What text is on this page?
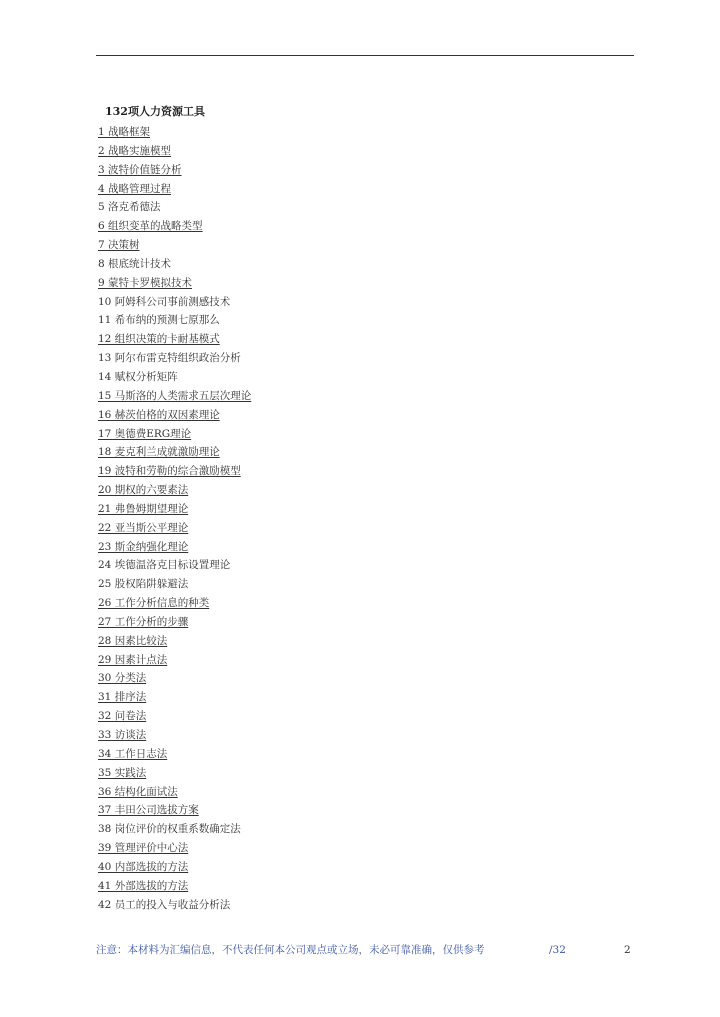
132项人力资源工具
1 战略框架
2 战略实施模型
3 波特价值链分析
4 战略管理过程
5 洛克希德法
6 组织变革的战略类型
7 决策树
8 根底统计技术
9 蒙特卡罗模拟技术
10 阿姆科公司事前测感技术
11 希布纳的预测七原那么
12 组织决策的卡耐基模式
13 阿尔布雷克特组织政治分析
14 赋权分析矩阵
15 马斯洛的人类需求五层次理论
16 赫茨伯格的双因素理论
17 奥德费ERG理论
18 麦克利兰成就激励理论
19 波特和劳勒的综合激励模型
20 期权的六要素法
21 弗鲁姆期望理论
22 亚当斯公平理论
23 斯金纳强化理论
24 埃德温洛克目标设置理论
25 股权陷阱躲避法
26 工作分析信息的种类
27 工作分析的步骤
28 因素比较法
29 因素计点法
30 分类法
31 排序法
32 问卷法
33 访谈法
34 工作日志法
35 实践法
36 结构化面试法
37 丰田公司选拔方案
38 岗位评价的权重系数确定法
39 管理评价中心法
40 内部选拔的方法
41 外部选拔的方法
42 员工的投入与收益分析法
注意：本材料为汇编信息，不代表任何本公司观点或立场，未必可靠准确，仅供参考	/32	2
